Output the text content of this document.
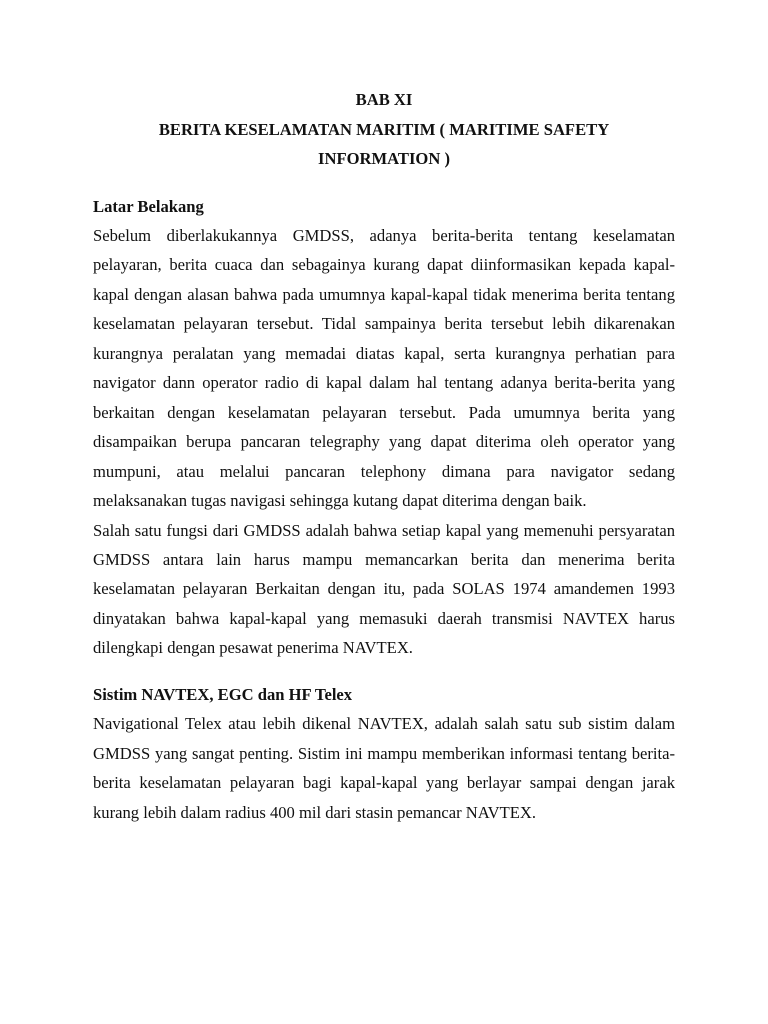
BAB XI
BERITA KESELAMATAN MARITIM ( MARITIME SAFETY
INFORMATION )
Latar Belakang

Sebelum diberlakukannya GMDSS, adanya berita-berita tentang keselamatan pelayaran, berita cuaca dan sebagainya kurang dapat diinformasikan kepada kapal-kapal dengan alasan bahwa pada umumnya kapal-kapal tidak menerima berita tentang keselamatan pelayaran tersebut. Tidal sampainya berita tersebut lebih dikarenakan kurangnya peralatan yang memadai diatas kapal, serta kurangnya perhatian para navigator dann operator radio di kapal dalam hal tentang adanya berita-berita yang berkaitan dengan keselamatan pelayaran tersebut. Pada umumnya berita yang disampaikan berupa pancaran telegraphy yang dapat diterima oleh operator yang mumpuni, atau melalui pancaran telephony dimana para navigator sedang melaksanakan tugas navigasi sehingga kutang dapat diterima dengan baik.

Salah satu fungsi dari GMDSS adalah bahwa setiap kapal yang memenuhi persyaratan GMDSS antara lain harus mampu memancarkan berita dan menerima berita keselamatan pelayaran Berkaitan dengan itu, pada SOLAS 1974 amandemen 1993 dinyatakan bahwa kapal-kapal yang memasuki daerah transmisi NAVTEX harus dilengkapi dengan pesawat penerima NAVTEX.

Sistim NAVTEX, EGC dan HF Telex

Navigational Telex atau lebih dikenal NAVTEX, adalah salah satu sub sistim dalam GMDSS yang sangat penting. Sistim ini mampu memberikan informasi tentang berita-berita keselamatan pelayaran bagi kapal-kapal yang berlayar sampai dengan jarak kurang lebih dalam radius 400 mil dari stasin pemancar NAVTEX.
